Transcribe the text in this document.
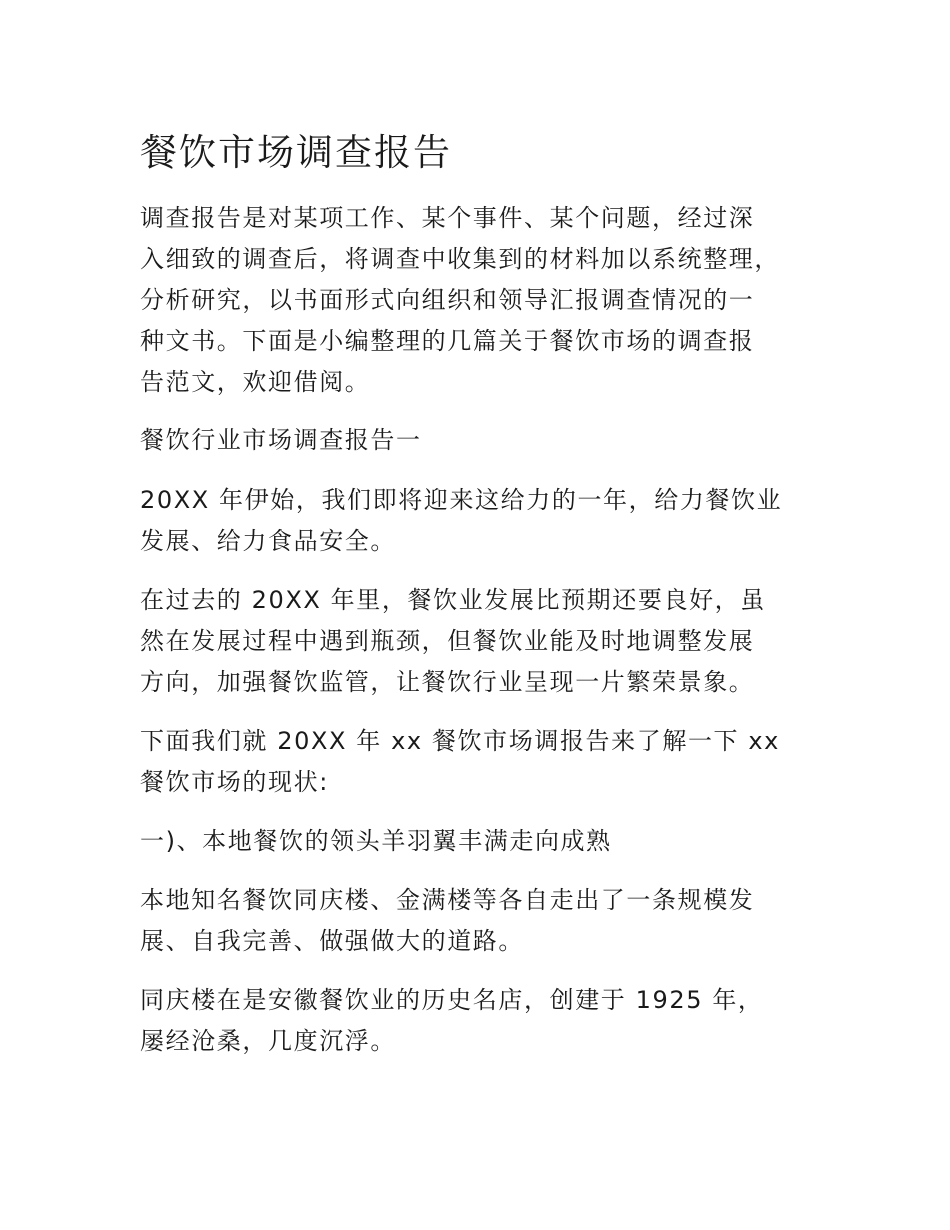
餐饮市场调查报告

调查报告是对某项工作、某个事件、某个问题，经过深
入细致的调查后，将调查中收集到的材料加以系统整理，
分析研究，以书面形式向组织和领导汇报调查情况的一
种文书。下面是小编整理的几篇关于餐饮市场的调查报
告范文，欢迎借阅。

餐饮行业市场调查报告一

20XX 年伊始，我们即将迎来这给力的一年，给力餐饮业
发展、给力食品安全。

在过去的 20XX 年里，餐饮业发展比预期还要良好，虽
然在发展过程中遇到瓶颈，但餐饮业能及时地调整发展
方向，加强餐饮监管，让餐饮行业呈现一片繁荣景象。

下面我们就 20XX 年 xx 餐饮市场调报告来了解一下 xx
餐饮市场的现状:

一)、本地餐饮的领头羊羽翼丰满走向成熟

本地知名餐饮同庆楼、金满楼等各自走出了一条规模发
展、自我完善、做强做大的道路。

同庆楼在是安徽餐饮业的历史名店，创建于 1925 年，
屡经沧桑，几度沉浮。
